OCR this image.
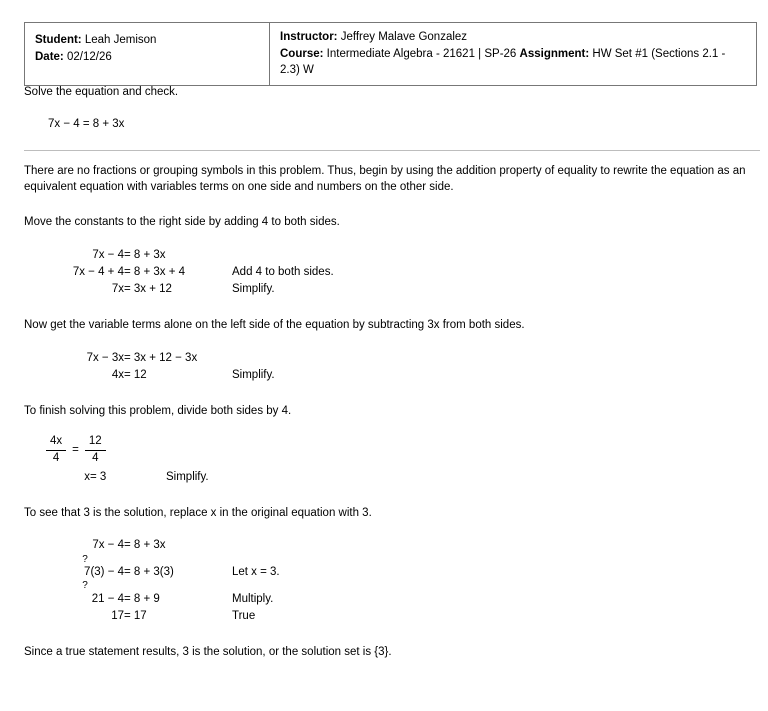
Student: Leah Jemison
Date: 02/12/26
Instructor: Jeffrey Malave Gonzalez
Course: Intermediate Algebra - 21621 | SP-26 Assignment: HW Set #1 (Sections 2.1 - 2.3) W

Solve the equation and check.

7x − 4 = 8 + 3x

There are no fractions or grouping symbols in this problem. Thus, begin by using the addition property of equality to rewrite the equation as an equivalent equation with variables terms on one side and numbers on the other side.

Move the constants to the right side by adding 4 to both sides.

7x − 4 = 8 + 3x
7x − 4 + 4 = 8 + 3x + 4	Add 4 to both sides.
7x = 3x + 12	Simplify.

Now get the variable terms alone on the left side of the equation by subtracting 3x from both sides.

7x − 3x = 3x + 12 − 3x
4x = 12	Simplify.

To finish solving this problem, divide both sides by 4.

$\frac{4x}{4} = \frac{12}{4}$
x = 3	Simplify.

To see that 3 is the solution, replace x in the original equation with 3.

7x − 4 = 8 + 3x
?
7(3) − 4 = 8 + 3(3)	Let x = 3.
?
21 − 4 = 8 + 9	Multiply.
17 = 17	True

Since a true statement results, 3 is the solution, or the solution set is {3}.
